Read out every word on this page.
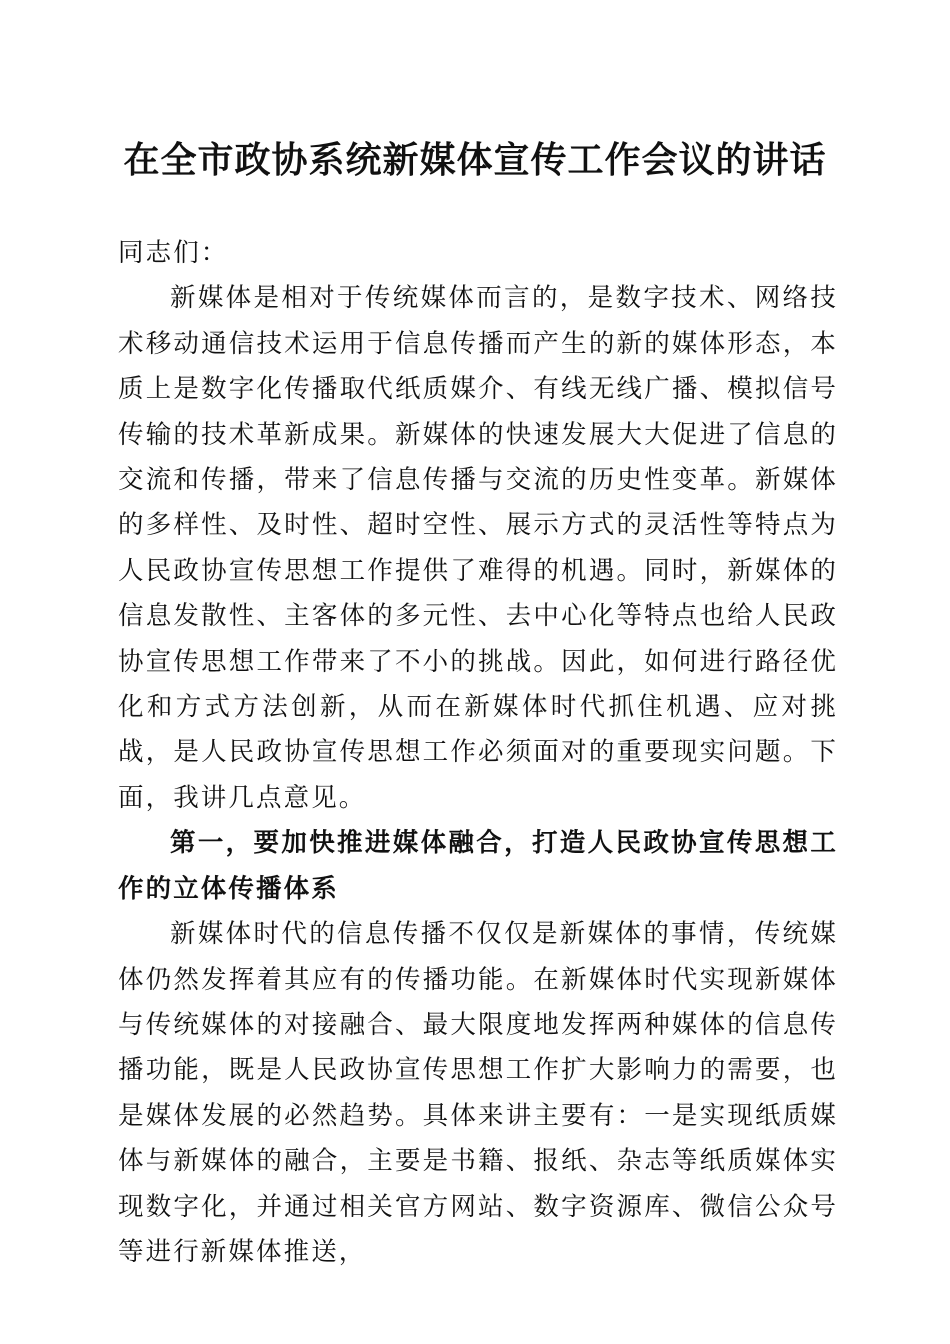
在全市政协系统新媒体宣传工作会议的讲话

同志们：

新媒体是相对于传统媒体而言的，是数字技术、网络技术移动通信技术运用于信息传播而产生的新的媒体形态，本质上是数字化传播取代纸质媒介、有线无线广播、模拟信号传输的技术革新成果。新媒体的快速发展大大促进了信息的交流和传播，带来了信息传播与交流的历史性变革。新媒体的多样性、及时性、超时空性、展示方式的灵活性等特点为人民政协宣传思想工作提供了难得的机遇。同时，新媒体的信息发散性、主客体的多元性、去中心化等特点也给人民政协宣传思想工作带来了不小的挑战。因此，如何进行路径优化和方式方法创新，从而在新媒体时代抓住机遇、应对挑战，是人民政协宣传思想工作必须面对的重要现实问题。下面，我讲几点意见。

第一，要加快推进媒体融合，打造人民政协宣传思想工作的立体传播体系

新媒体时代的信息传播不仅仅是新媒体的事情，传统媒体仍然发挥着其应有的传播功能。在新媒体时代实现新媒体与传统媒体的对接融合、最大限度地发挥两种媒体的信息传播功能，既是人民政协宣传思想工作扩大影响力的需要，也是媒体发展的必然趋势。具体来讲主要有：一是实现纸质媒体与新媒体的融合，主要是书籍、报纸、杂志等纸质媒体实现数字化，并通过相关官方网站、数字资源库、微信公众号等进行新媒体推送，
